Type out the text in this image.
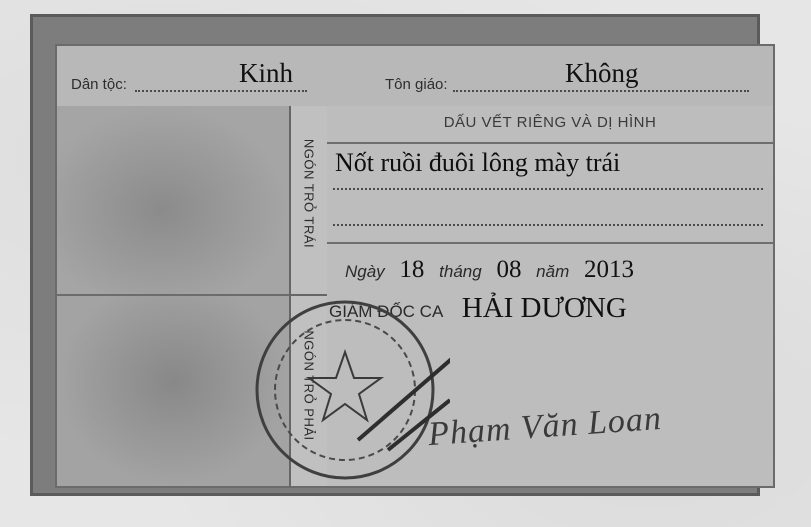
Dân tộc:	Kinh	Tôn giáo:	Không
NGÓN TRỎ TRÁI
NGÓN TRỎ PHẢI
DẤU VẾT RIÊNG VÀ DỊ HÌNH
Nốt ruồi đuôi lông mày trái
Ngày 18 tháng 08 năm 2013
GIÁM ĐỐC CA HẢI DƯƠNG
Phạm Văn Loan
